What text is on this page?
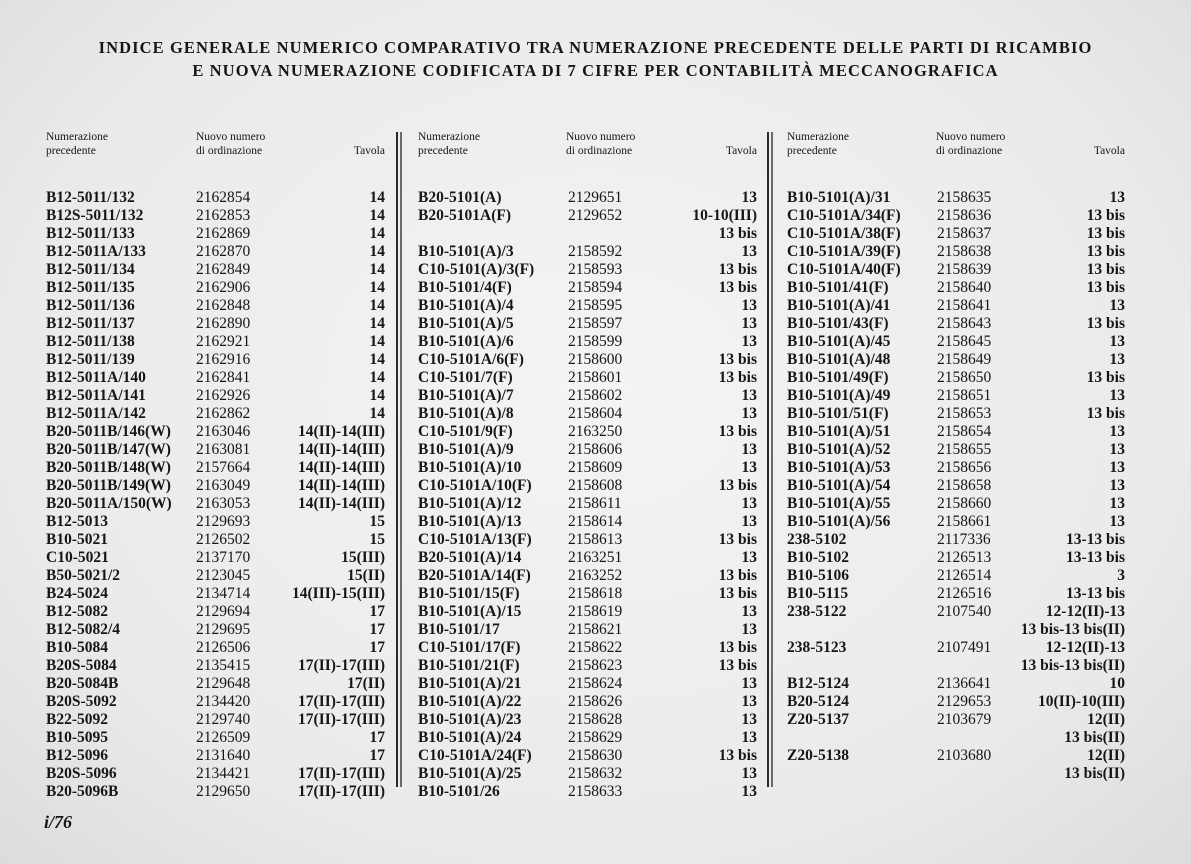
INDICE GENERALE NUMERICO COMPARATIVO TRA NUMERAZIONE PRECEDENTE DELLE PARTI DI RICAMBIO
E NUOVA NUMERAZIONE CODIFICATA DI 7 CIFRE PER CONTABILITÀ MECCANOGRAFICA
Numerazione
precedente
Nuovo numero
di ordinazione	Tavola
B12-5011/132	2162854	14
B12S-5011/132	2162853	14
B12-5011/133	2162869	14
B12-5011A/133	2162870	14
B12-5011/134	2162849	14
B12-5011/135	2162906	14
B12-5011/136	2162848	14
B12-5011/137	2162890	14
B12-5011/138	2162921	14
B12-5011/139	2162916	14
B12-5011A/140	2162841	14
B12-5011A/141	2162926	14
B12-5011A/142	2162862	14
B20-5011B/146(W) 2163046	14(II)-14(III)
B20-5011B/147(W) 2163081	14(II)-14(III)
B20-5011B/148(W) 2157664	14(II)-14(III)
B20-5011B/149(W) 2163049	14(II)-14(III)
B20-5011A/150(W) 2163053	14(II)-14(III)
B12-5013	2129693	15
B10-5021	2126502	15
C10-5021	2137170	15(III)
B50-5021/2	2123045	15(II)
B24-5024	2134714	14(III)-15(III)
B12-5082	2129694	17
B12-5082/4	2129695	17
B10-5084	2126506	17
B20S-5084	2135415	17(II)-17(III)
B20-5084B	2129648	17(II)
B20S-5092	2134420	17(II)-17(III)
B22-5092	2129740	17(II)-17(III)
B10-5095	2126509	17
B12-5096	2131640	17
B20S-5096	2134421	17(II)-17(III)
B20-5096B	2129650	17(II)-17(III)
Numerazione
precedente
Nuovo numero
di ordinazione	Tavola
B20-5101(A)	2129651	13
B20-5101A(F)	2129652	10-10(III)
13 bis
B10-5101(A)/3	2158592	13
C10-5101(A)/3(F) 2158593	13 bis
B10-5101/4(F)	2158594	13 bis
B10-5101(A)/4	2158595	13
B10-5101(A)/5	2158597	13
B10-5101(A)/6	2158599	13
C10-5101A/6(F)	2158600	13 bis
C10-5101/7(F)	2158601	13 bis
B10-5101(A)/7	2158602	13
B10-5101(A)/8	2158604	13
C10-5101/9(F)	2163250	13 bis
B10-5101(A)/9	2158606	13
B10-5101(A)/10	2158609	13
C10-5101A/10(F) 2158608	13 bis
B10-5101(A)/12	2158611	13
B10-5101(A)/13	2158614	13
C10-5101A/13(F) 2158613	13 bis
B20-5101(A)/14	2163251	13
B20-5101A/14(F) 2163252	13 bis
B10-5101/15(F)	2158618	13 bis
B10-5101(A)/15	2158619	13
B10-5101/17	2158621	13
C10-5101/17(F)	2158622	13 bis
B10-5101/21(F)	2158623	13 bis
B10-5101(A)/21	2158624	13
B10-5101(A)/22	2158626	13
B10-5101(A)/23	2158628	13
B10-5101(A)/24	2158629	13
C10-5101A/24(F) 2158630	13 bis
B10-5101(A)/25	2158632	13
B10-5101/26	2158633	13
Numerazione
precedente
Nuovo numero
di ordinazione	Tavola
B10-5101(A)/31	2158635	13
C10-5101A/34(F) 2158636	13 bis
C10-5101A/38(F) 2158637	13 bis
C10-5101A/39(F) 2158638	13 bis
C10-5101A/40(F) 2158639	13 bis
B10-5101/41(F)	2158640	13 bis
B10-5101(A)/41	2158641	13
B10-5101/43(F)	2158643	13 bis
B10-5101(A)/45	2158645	13
B10-5101(A)/48	2158649	13
B10-5101/49(F)	2158650	13 bis
B10-5101(A)/49	2158651	13
B10-5101/51(F)	2158653	13 bis
B10-5101(A)/51	2158654	13
B10-5101(A)/52	2158655	13
B10-5101(A)/53	2158656	13
B10-5101(A)/54	2158658	13
B10-5101(A)/55	2158660	13
B10-5101(A)/56	2158661	13
238-5102	2117336	13-13 bis
B10-5102	2126513	13-13 bis
B10-5106	2126514	3
B10-5115	2126516	13-13 bis
238-5122	2107540	12-12(II)-13
13 bis-13 bis(II)
238-5123	2107491	12-12(II)-13
13 bis-13 bis(II)
B12-5124	2136641	10
B20-5124	2129653	10(II)-10(III)
Z20-5137	2103679	12(II)
13 bis(II)
Z20-5138	2103680	12(II)
13 bis(II)
i/76
